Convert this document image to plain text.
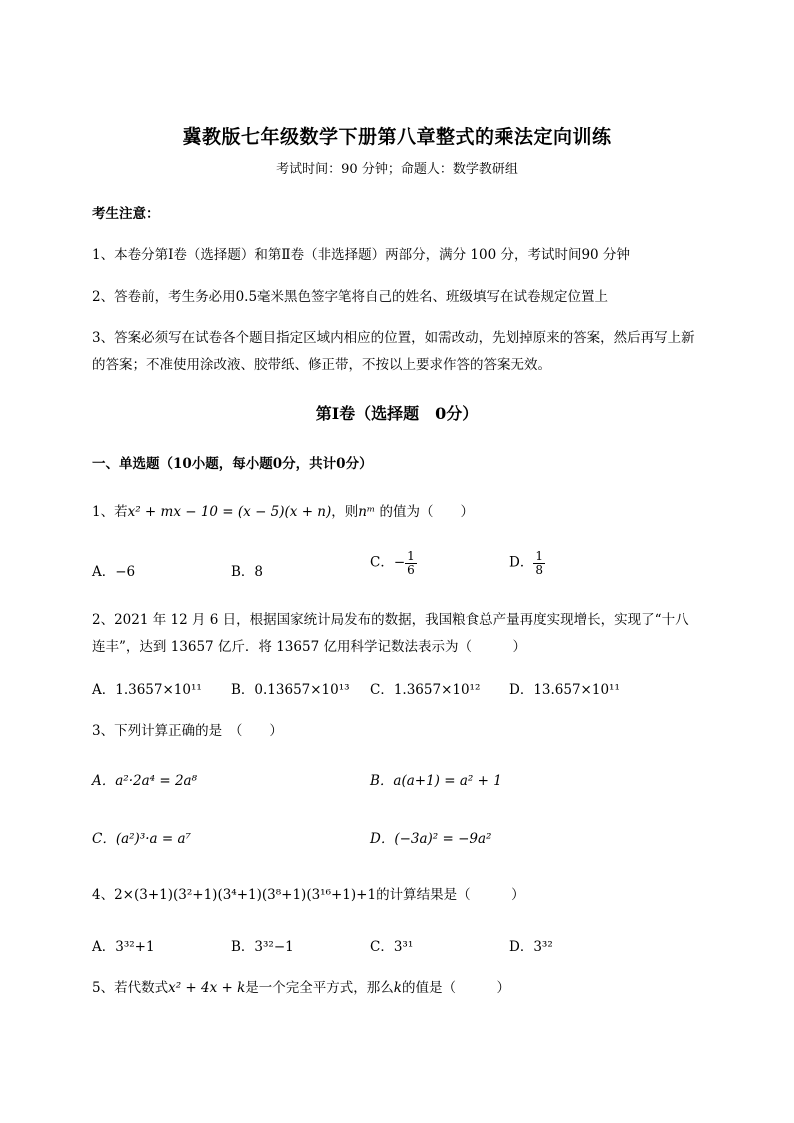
冀教版七年级数学下册第八章整式的乘法定向训练
考试时间：90 分钟；命题人：数学教研组
考生注意：
1、本卷分第Ⅰ卷（选择题）和第Ⅱ卷（非选择题）两部分，满分 100 分，考试时间90 分钟
2、答卷前，考生务必用0.5毫米黑色签字笔将自己的姓名、班级填写在试卷规定位置上
3、答案必须写在试卷各个题目指定区域内相应的位置，如需改动，先划掉原来的答案，然后再写上新
的答案；不准使用涂改液、胶带纸、修正带，不按以上要求作答的答案无效。
第Ⅰ卷（选择题　0分）
一、单选题（10小题，每小题0分，共计0分）
1、若x² + mx − 10 = (x − 5)(x + n)，则nᵐ 的值为（　　）
A．−6	B．8
C．− $\frac{1}{6}$	D． $\frac{1}{8}$
2、2021 年 12 月 6 日，根据国家统计局发布的数据，我国粮食总产量再度实现增长，实现了“十八
连丰”，达到 13657 亿斤．将 13657 亿用科学记数法表示为（　　　）
A．1.3657×10¹¹ B．0.13657×10¹³ C．1.3657×10¹² D．13.657×10¹¹
3、下列计算正确的是　（　　）
A．a²·2a⁴ = 2a⁸	B．a(a+1) = a² + 1
C．(a²)³·a = a⁷	D．(−3a)² = −9a²
4、2×(3+1)(3²+1)(3⁴+1)(3⁸+1)(3¹⁶+1)+1的计算结果是（　　　）
A．3³²+1	B．3³²−1	C．3³¹	D．3³²
5、若代数式x² + 4x + k是一个完全平方式，那么k的值是（　　　）
